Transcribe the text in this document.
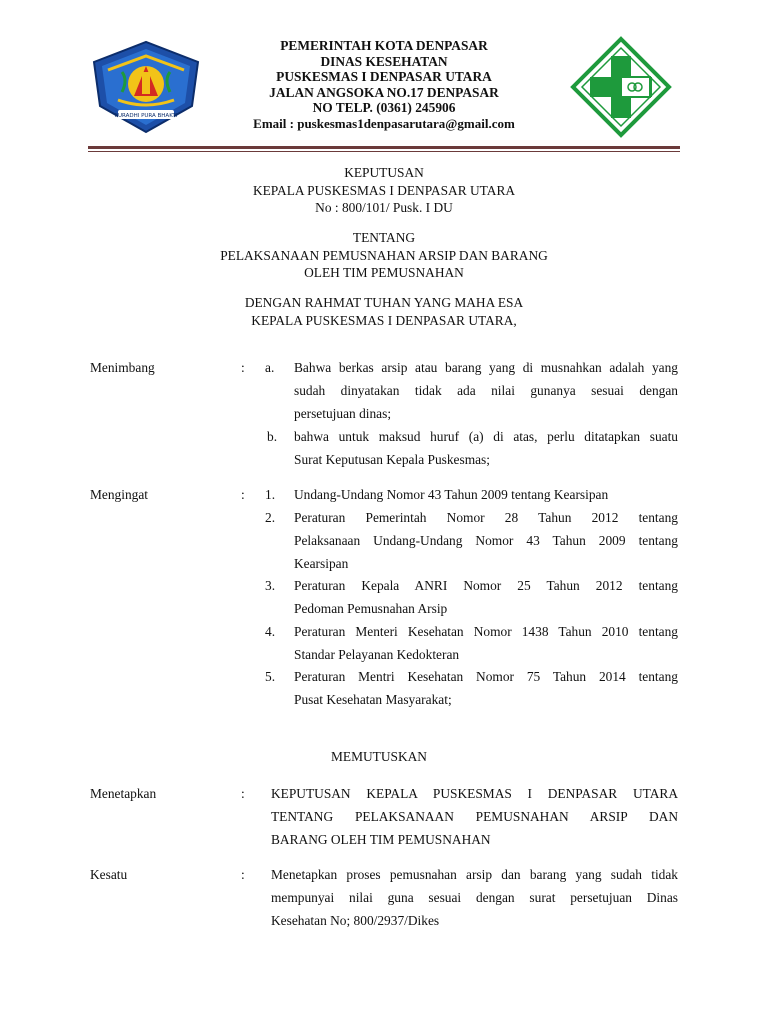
PURADHI PURA BHAKTI
PEMERINTAH KOTA DENPASAR
DINAS KESEHATAN
PUSKESMAS I DENPASAR UTARA
JALAN ANGSOKA NO.17 DENPASAR
NO TELP. (0361) 245906
Email : puskesmas1denpasarutara@gmail.com
KEPUTUSAN
KEPALA PUSKESMAS I DENPASAR UTARA
No : 800/101/ Pusk. I DU
TENTANG
PELAKSANAAN PEMUSNAHAN ARSIP DAN BARANG
OLEH TIM PEMUSNAHAN
DENGAN RAHMAT TUHAN YANG MAHA ESA
KEPALA PUSKESMAS I DENPASAR UTARA,
Menimbang	: a. Bahwa berkas arsip atau barang yang di musnahkan adalah yang
sudah dinyatakan tidak ada nilai gunanya sesuai dengan
persetujuan dinas;
b. bahwa untuk maksud huruf (a) di atas, perlu ditatapkan suatu
Surat Keputusan Kepala Puskesmas;
Mengingat	: 1. Undang-Undang Nomor 43 Tahun 2009 tentang Kearsipan
2. Peraturan Pemerintah Nomor 28 Tahun 2012 tentang
Pelaksanaan Undang-Undang Nomor 43 Tahun 2009 tentang
Kearsipan
3. Peraturan Kepala ANRI Nomor 25 Tahun 2012 tentang
Pedoman Pemusnahan Arsip
4. Peraturan Menteri Kesehatan Nomor 1438 Tahun 2010 tentang
Standar Pelayanan Kedokteran
5. Peraturan Mentri Kesehatan Nomor 75 Tahun 2014 tentang
Pusat Kesehatan Masyarakat;
MEMUTUSKAN
Menetapkan	: KEPUTUSAN KEPALA PUSKESMAS I DENPASAR UTARA
TENTANG PELAKSANAAN PEMUSNAHAN ARSIP DAN
BARANG OLEH TIM PEMUSNAHAN
Kesatu	: Menetapkan proses pemusnahan arsip dan barang yang sudah tidak
mempunyai nilai guna sesuai dengan surat persetujuan Dinas
Kesehatan No; 800/2937/Dikes
